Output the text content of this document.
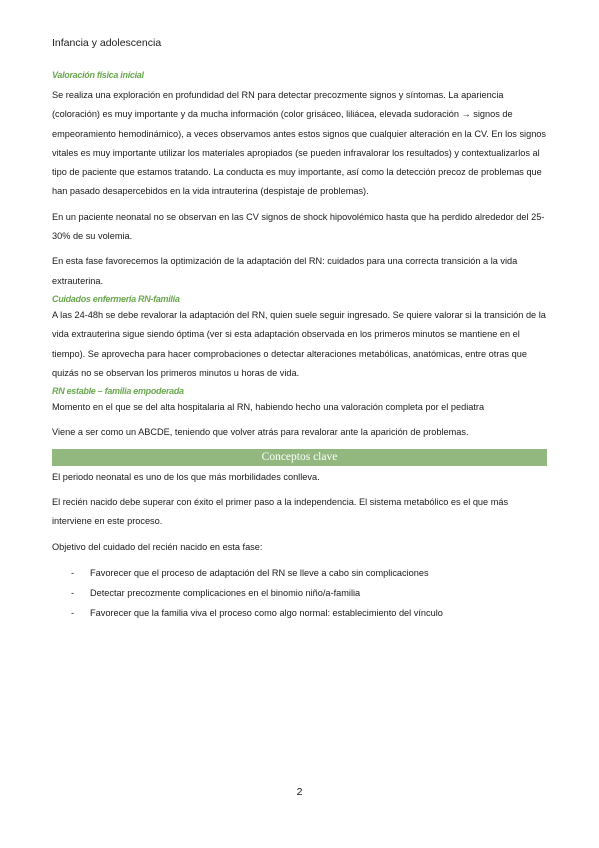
Infancia y adolescencia
Valoración física inicial

Se realiza una exploración en profundidad del RN para detectar precozmente signos y síntomas. La apariencia (coloración) es muy importante y da mucha información (color grisáceo, liliácea, elevada sudoración → signos de empeoramiento hemodinámico), a veces observamos antes estos signos que cualquier alteración en la CV. En los signos vitales es muy importante utilizar los materiales apropiados (se pueden infravalorar los resultados) y contextualizarlos al tipo de paciente que estamos tratando. La conducta es muy importante, así como la detección precoz de problemas que han pasado desapercebidos en la vida intrauterina (despistaje de problemas).

En un paciente neonatal no se observan en las CV signos de shock hipovolémico hasta que ha perdido alrededor del 25-30% de su volemia.

En esta fase favorecemos la optimización de la adaptación del RN: cuidados para una correcta transición a la vida extrauterina.

Cuidados enfermería RN-familia

A las 24-48h se debe revalorar la adaptación del RN, quien suele seguir ingresado. Se quiere valorar si la transición de la vida extrauterina sigue siendo óptima (ver si esta adaptación observada en los primeros minutos se mantiene en el tiempo). Se aprovecha para hacer comprobaciones o detectar alteraciones metabólicas, anatómicas, entre otras que quizás no se observan los primeros minutos u horas de vida.

RN estable – familia empoderada

Momento en el que se del alta hospitalaria al RN, habiendo hecho una valoración completa por el pediatra

Viene a ser como un ABCDE, teniendo que volver atrás para revalorar ante la aparición de problemas.

Conceptos clave

El periodo neonatal es uno de los que más morbilidades conlleva.

El recién nacido debe superar con éxito el primer paso a la independencia. El sistema metabólico es el que más interviene en este proceso.

Objetivo del cuidado del recién nacido en esta fase:

- Favorecer que el proceso de adaptación del RN se lleve a cabo sin complicaciones
- Detectar precozmente complicaciones en el binomio niño/a-familia
- Favorecer que la familia viva el proceso como algo normal: establecimiento del vínculo
2
